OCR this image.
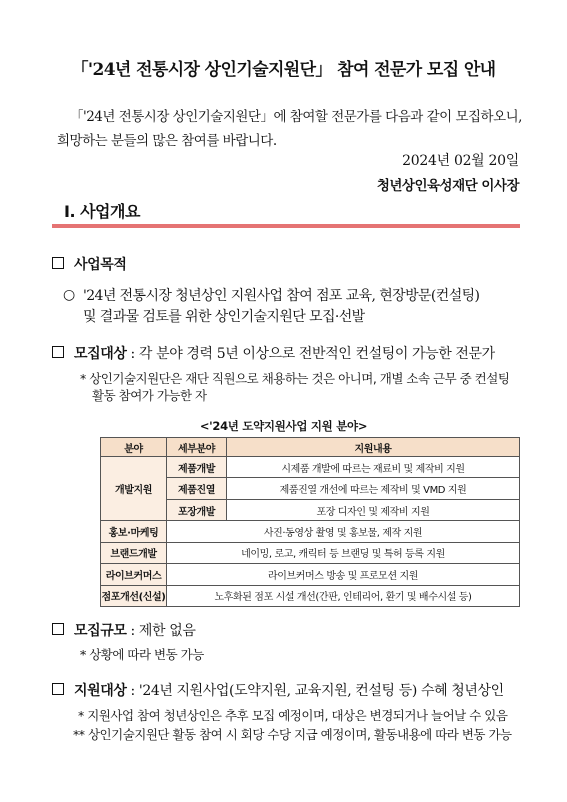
「'24년 전통시장 상인기술지원단」 참여 전문가 모집 안내
「'24년 전통시장 상인기술지원단」에 참여할 전문가를 다음과 같이 모집하오니,
희망하는 분들의 많은 참여를 바랍니다.
2024년 02월 20일
청년상인육성재단 이사장
Ⅰ. 사업개요
사업목적
○ '24년 전통시장 청년상인 지원사업 참여 점포 교육, 현장방문(컨설팅)
및 결과물 검토를 위한 상인기술지원단 모집·선발
모집대상 : 각 분야 경력 5년 이상으로 전반적인 컨설팅이 가능한 전문가
* 상인기술지원단은 재단 직원으로 채용하는 것은 아니며, 개별 소속 근무 중 컨설팅
활동 참여가 가능한 자
<'24년 도약지원사업 지원 분야>
분야	세부분야	지원내용
개발지원	제품개발	시제품 개발에 따르는 재료비 및 제작비 지원
	제품진열	제품진열 개선에 따르는 제작비 및 VMD 지원
	포장개발	포장 디자인 및 제작비 지원
홍보·마케팅	사진·동영상 촬영 및 홍보물, 제작 지원	
브랜드개발	네이밍, 로고, 캐릭터 등 브랜딩 및 특허 등록 지원	
라이브커머스	라이브커머스 방송 및 프로모션 지원	
점포개선(신설)	노후화된 점포 시설 개선(간판, 인테리어, 환기 및 배수시설 등)	
모집규모 : 제한 없음
* 상황에 따라 변동 가능
지원대상 : '24년 지원사업(도약지원, 교육지원, 컨설팅 등) 수혜 청년상인
* 지원사업 참여 청년상인은 추후 모집 예정이며, 대상은 변경되거나 늘어날 수 있음
** 상인기술지원단 활동 참여 시 회당 수당 지급 예정이며, 활동내용에 따라 변동 가능
